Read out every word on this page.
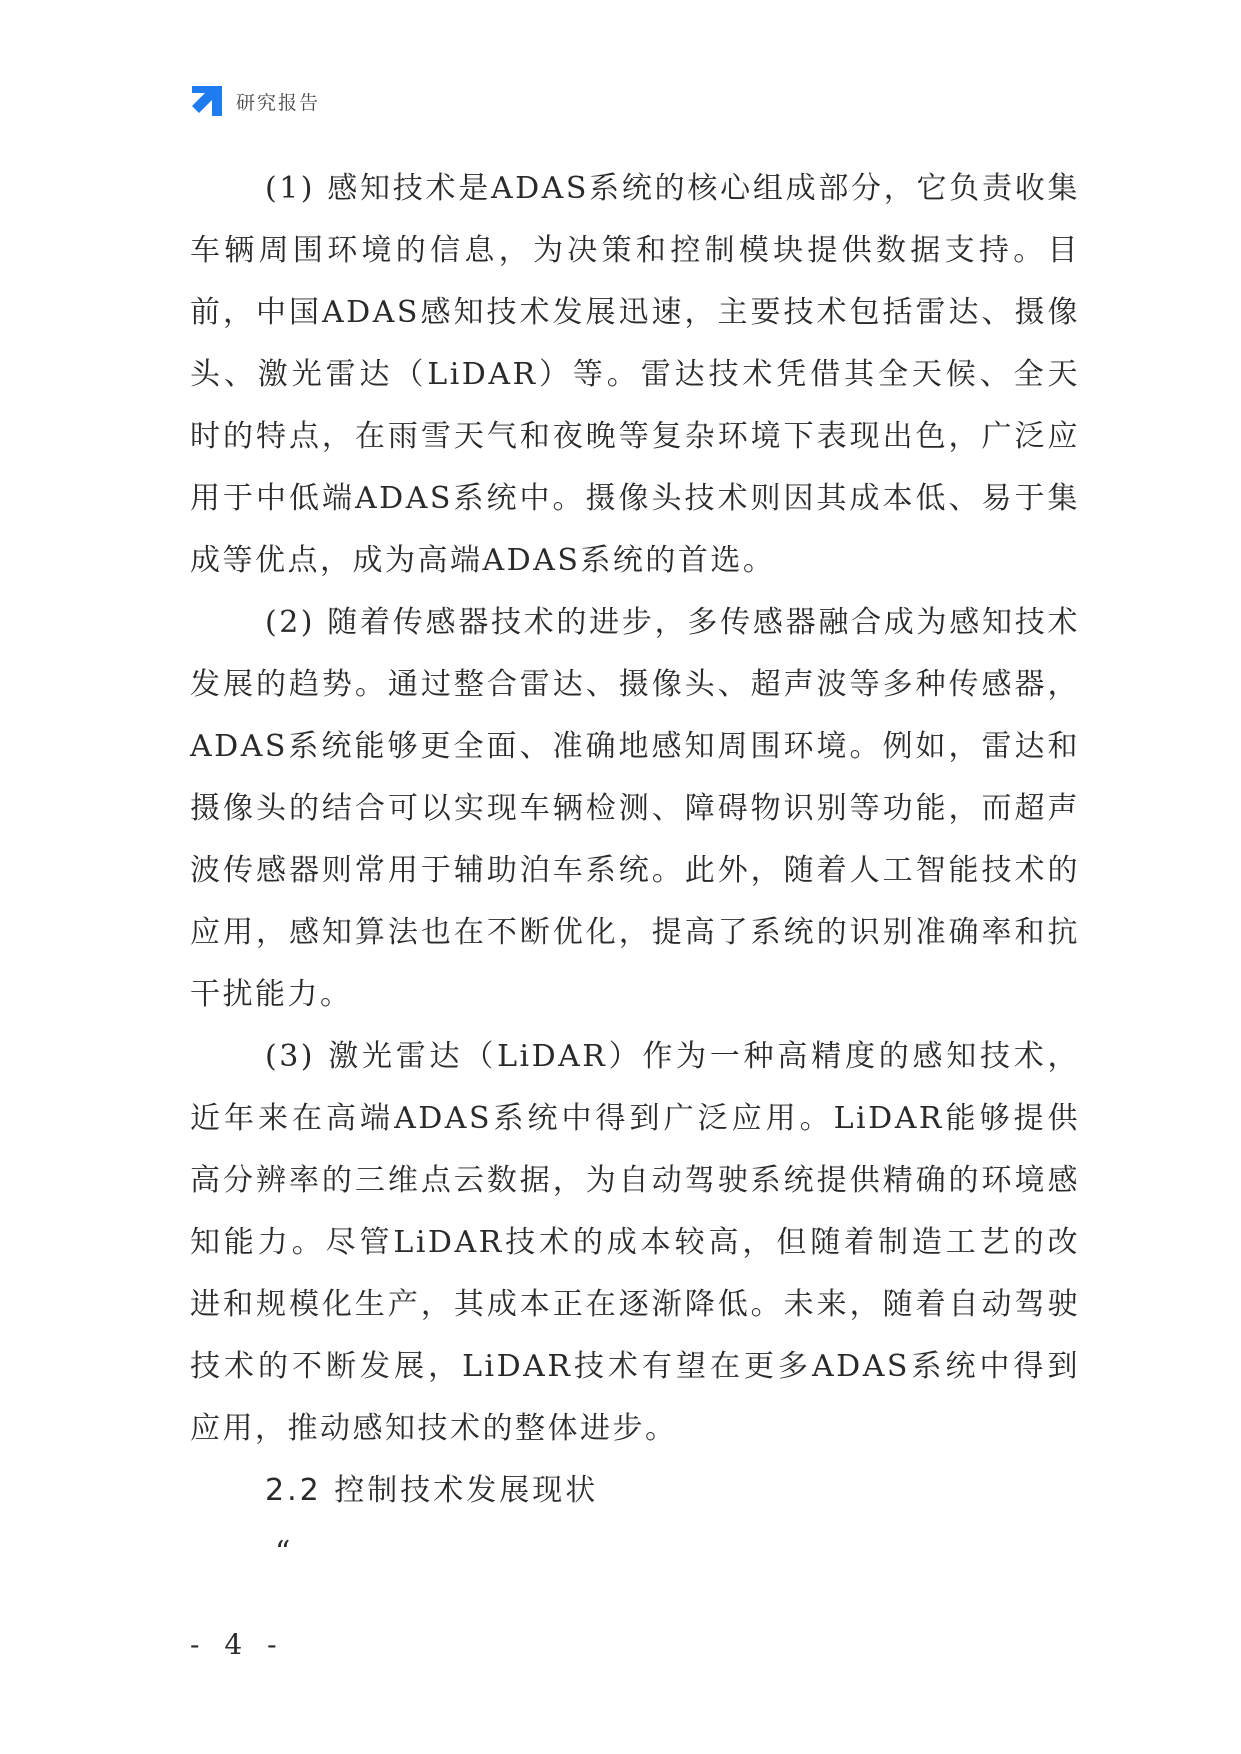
研究报告

(1) 感知技术是ADAS系统的核心组成部分，它负责收集车辆周围环境的信息，为决策和控制模块提供数据支持。目前，中国ADAS感知技术发展迅速，主要技术包括雷达、摄像头、激光雷达（LiDAR）等。雷达技术凭借其全天候、全天时的特点，在雨雪天气和夜晚等复杂环境下表现出色，广泛应用于中低端ADAS系统中。摄像头技术则因其成本低、易于集成等优点，成为高端ADAS系统的首选。

(2) 随着传感器技术的进步，多传感器融合成为感知技术发展的趋势。通过整合雷达、摄像头、超声波等多种传感器，ADAS系统能够更全面、准确地感知周围环境。例如，雷达和摄像头的结合可以实现车辆检测、障碍物识别等功能，而超声波传感器则常用于辅助泊车系统。此外，随着人工智能技术的应用，感知算法也在不断优化，提高了系统的识别准确率和抗干扰能力。

(3) 激光雷达（LiDAR）作为一种高精度的感知技术，近年来在高端ADAS系统中得到广泛应用。LiDAR能够提供高分辨率的三维点云数据，为自动驾驶系统提供精确的环境感知能力。尽管LiDAR技术的成本较高，但随着制造工艺的改进和规模化生产，其成本正在逐渐降低。未来，随着自动驾驶技术的不断发展，LiDAR技术有望在更多ADAS系统中得到应用，推动感知技术的整体进步。

2.2 控制技术发展现状

“

- 4 -
